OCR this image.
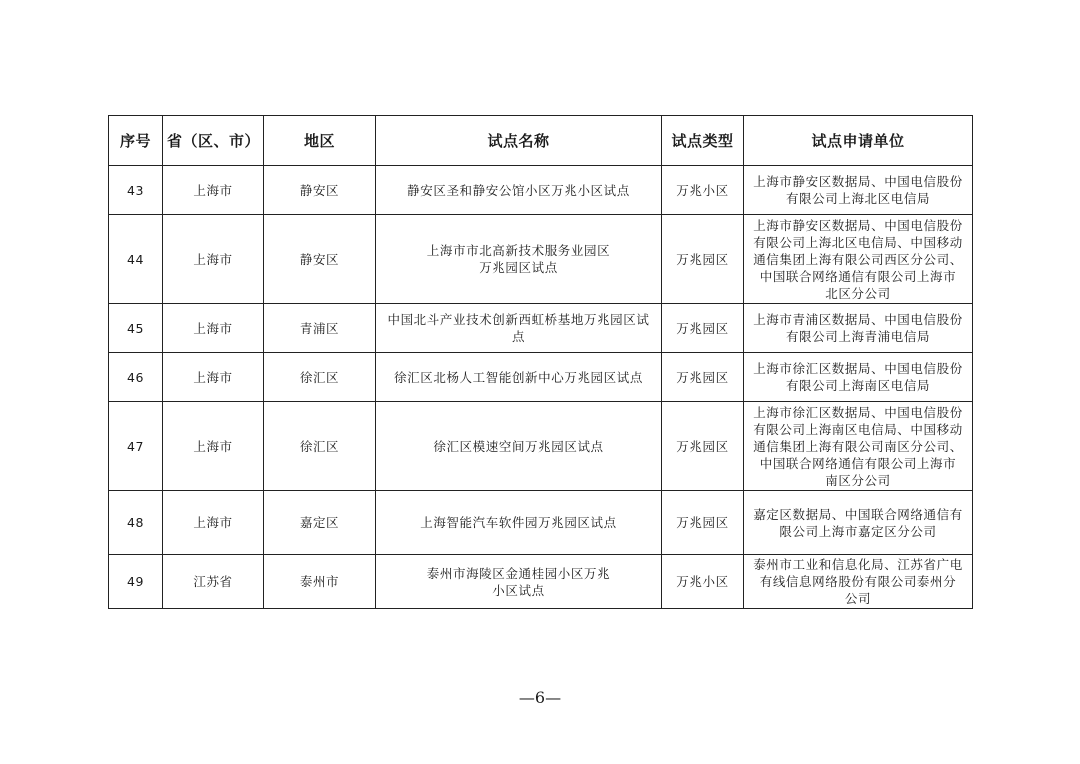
序号	省（区、市）	地区	试点名称	试点类型	试点申请单位
43	上海市	静安区	静安区圣和静安公馆小区万兆小区试点	万兆小区	上海市静安区数据局、中国电信股份
有限公司上海北区电信局
44	上海市	静安区	上海市市北高新技术服务业园区
万兆园区试点	万兆园区	上海市静安区数据局、中国电信股份
有限公司上海北区电信局、中国移动
通信集团上海有限公司西区分公司、
中国联合网络通信有限公司上海市
北区分公司
45	上海市	青浦区	中国北斗产业技术创新西虹桥基地万兆园区试
点	万兆园区	上海市青浦区数据局、中国电信股份
有限公司上海青浦电信局
46	上海市	徐汇区	徐汇区北杨人工智能创新中心万兆园区试点	万兆园区	上海市徐汇区数据局、中国电信股份
有限公司上海南区电信局
47	上海市	徐汇区	徐汇区模速空间万兆园区试点	万兆园区	上海市徐汇区数据局、中国电信股份
有限公司上海南区电信局、中国移动
通信集团上海有限公司南区分公司、
中国联合网络通信有限公司上海市
南区分公司
48	上海市	嘉定区	上海智能汽车软件园万兆园区试点	万兆园区	嘉定区数据局、中国联合网络通信有
限公司上海市嘉定区分公司
49	江苏省	泰州市	泰州市海陵区金通桂园小区万兆
小区试点	万兆小区	泰州市工业和信息化局、江苏省广电
有线信息网络股份有限公司泰州分
公司
—6—
